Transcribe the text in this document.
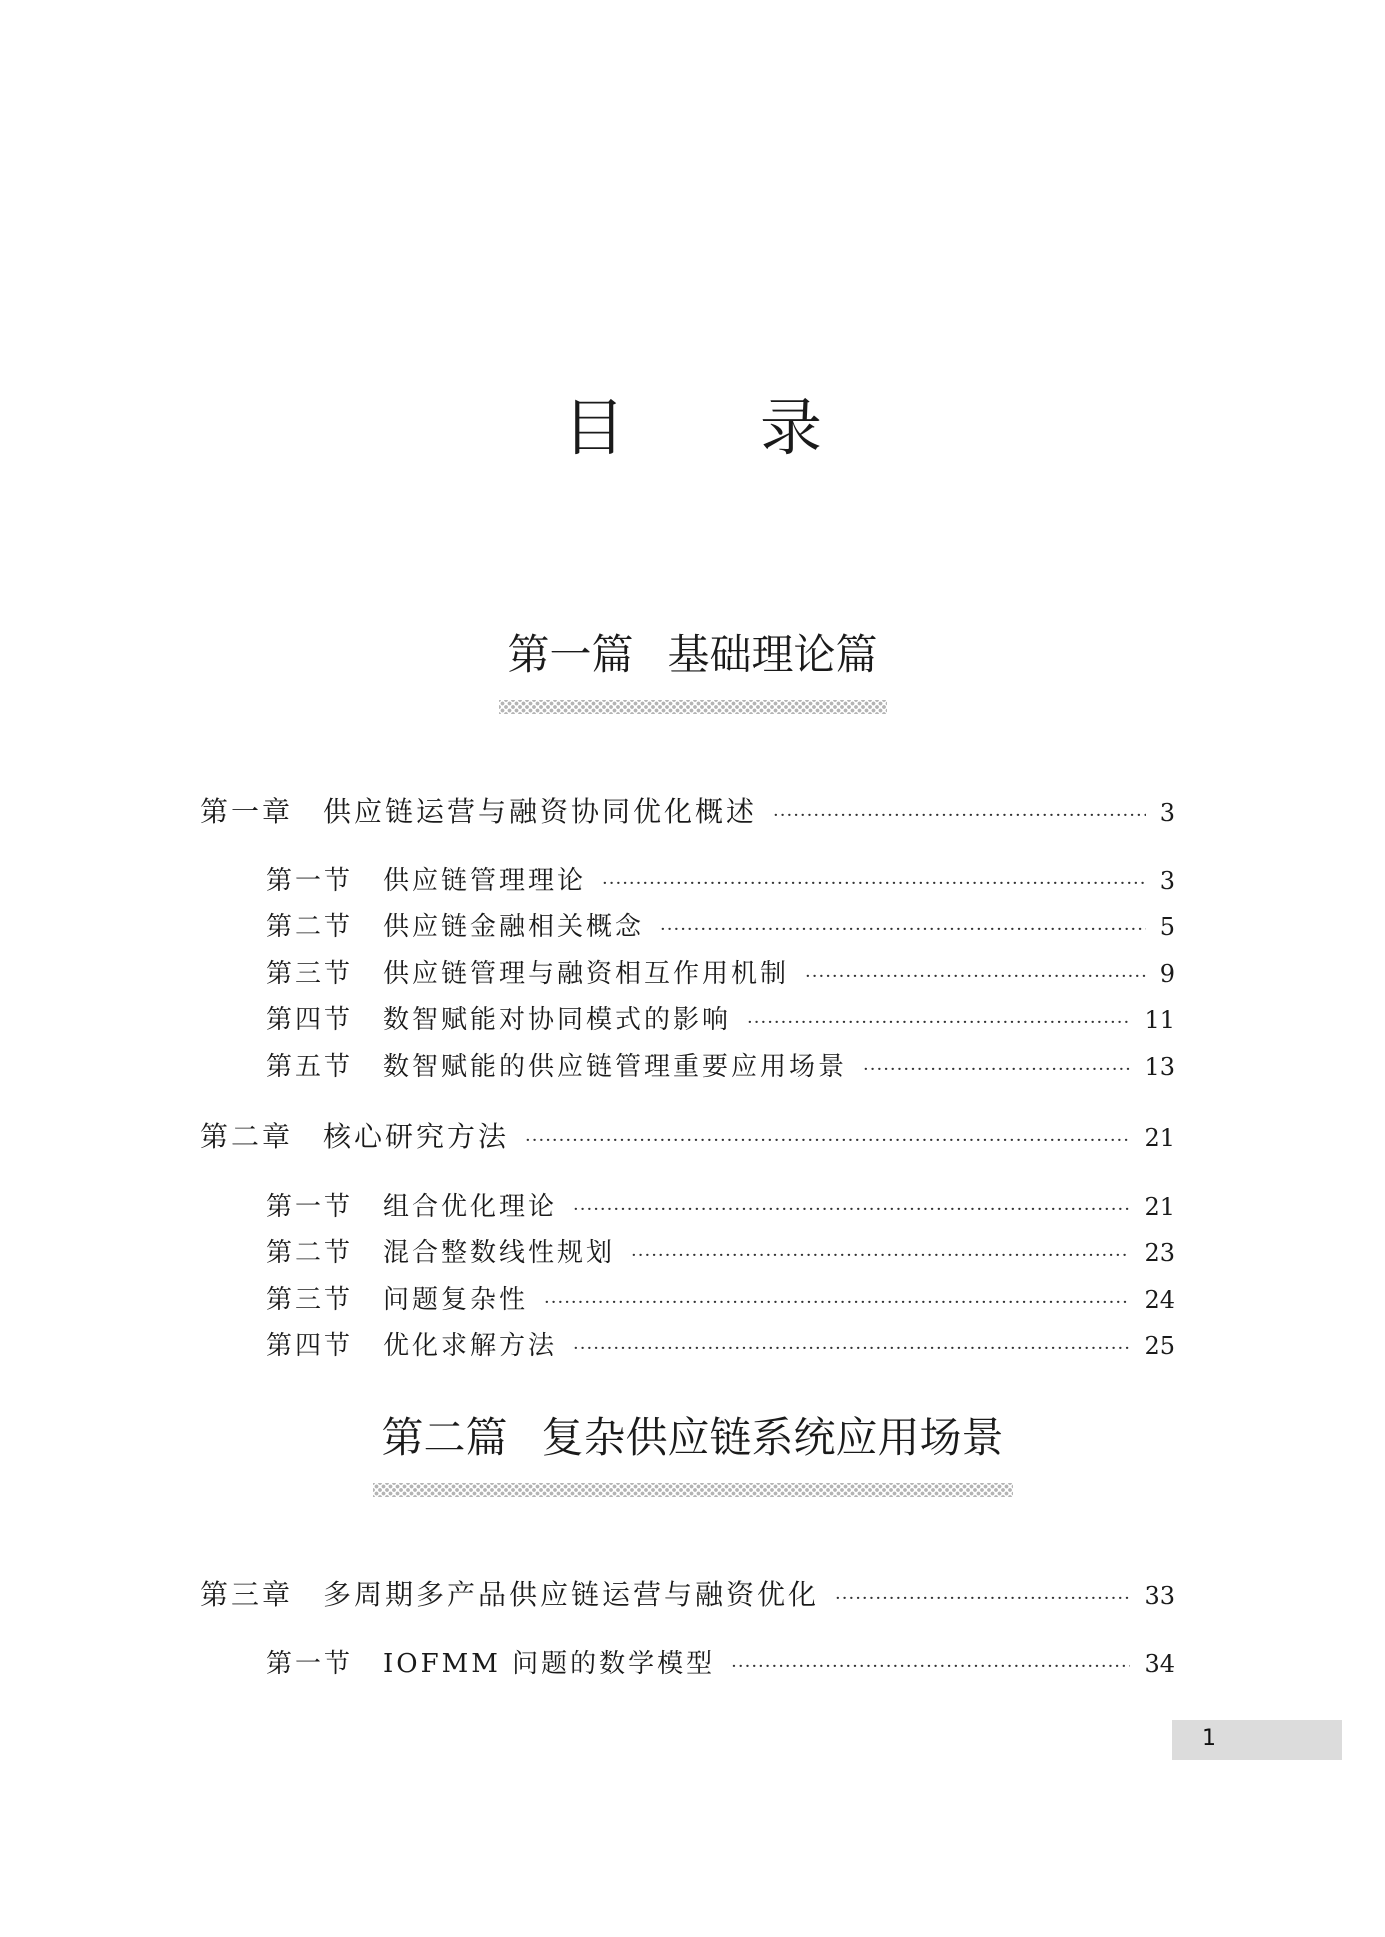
目 录
第一篇 基础理论篇
第一章 供应链运营与融资协同优化概述 ·····	3
第一节 供应链管理理论 ·····	3
第二节 供应链金融相关概念 ·····	5
第三节 供应链管理与融资相互作用机制 ·····	9
第四节 数智赋能对协同模式的影响 ·····	11
第五节 数智赋能的供应链管理重要应用场景 ·····	13
第二章 核心研究方法 ·····	21
第一节 组合优化理论 ·····	21
第二节 混合整数线性规划 ·····	23
第三节 问题复杂性 ·····	24
第四节 优化求解方法 ·····	25
第二篇 复杂供应链系统应用场景
第三章 多周期多产品供应链运营与融资优化 ·····	33
第一节 IOFMM 问题的数学模型 ·····	34
1
